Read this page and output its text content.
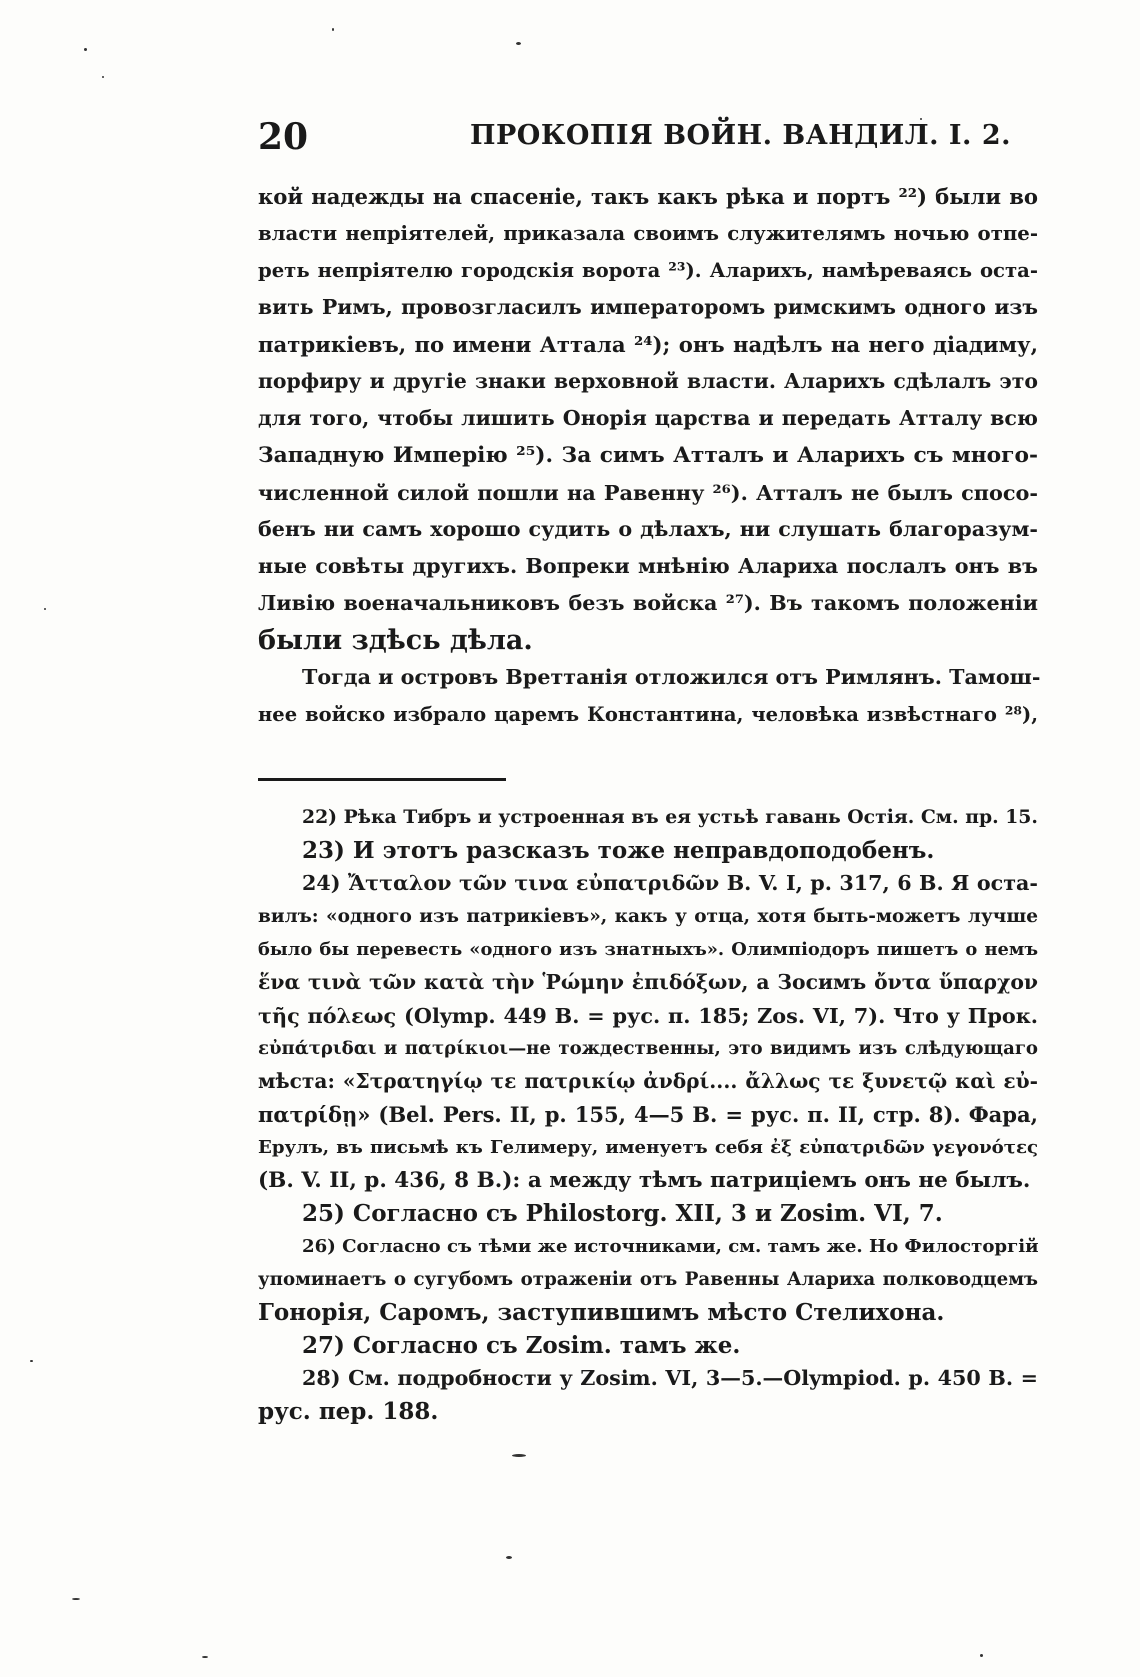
20	ПРОКОПІЯ ВОЙН. ВАНДИЛ. I. 2.
кой надежды на спасеніе, такъ какъ рѣка и портъ ²²) были во
власти непріятелей, приказала своимъ служителямъ ночью отпе-
реть непріятелю городскія ворота ²³). Аларихъ, намѣреваясь оста-
вить Римъ, провозгласилъ императоромъ римскимъ одного изъ
патрикіевъ, по имени Аттала ²⁴); онъ надѣлъ на него діадиму,
порфиру и другіе знаки верховной власти. Аларихъ сдѣлалъ это
для того, чтобы лишить Онорія царства и передать Атталу всю
Западную Имперію ²⁵). За симъ Атталъ и Аларихъ съ много-
численной силой пошли на Равенну ²⁶). Атталъ не былъ спосо-
бенъ ни самъ хорошо судить о дѣлахъ, ни слушать благоразум-
ные совѣты другихъ. Вопреки мнѣнію Алариха послалъ онъ въ
Ливію военачальниковъ безъ войска ²⁷). Въ такомъ положеніи
были здѣсь дѣла.
Тогда и островъ Вреттанія отложился отъ Римлянъ. Тамош-
нее войско избрало царемъ Константина, человѣка извѣстнаго ²⁸),
22) Рѣка Тибръ и устроенная въ ея устьѣ гавань Остія. См. пр. 15.
23) И этотъ разсказъ тоже неправдоподобенъ.
24) Ἄτταλον τῶν τινα εὐπατριδῶν B. V. I, p. 317, 6 B. Я оста-
вилъ: «одного изъ патрикіевъ», какъ у отца, хотя быть-можетъ лучше
было бы перевесть «одного изъ знатныхъ». Олимпіодоръ пишетъ о немъ
ἕνα τινὰ τῶν κατὰ τὴν Ῥώμην ἐπιδόξων, а Зосимъ ὄντα ὕπαρχον
τῆς πόλεως (Olymp. 449 B. = рус. п. 185; Zos. VI, 7). Что у Прок.
εὐπάτριδαι и πατρίκιοι—не тождественны, это видимъ изъ слѣдующаго
мѣста: «Στρατηγίῳ τε πατρικίῳ ἀνδρί.... ἄλλως τε ξυνετῷ καὶ εὐ-
πατρίδῃ» (Bel. Pers. II, p. 155, 4—5 B. = рус. п. II, стр. 8). Фара,
Ерулъ, въ письмѣ къ Гелимеру, именуетъ себя ἐξ εὐπατριδῶν γεγονότες
(B. V. II, p. 436, 8 B.): а между тѣмъ патриціемъ онъ не былъ.
25) Согласно съ Philostorg. XII, 3 и Zosim. VI, 7.
26) Согласно съ тѣми же источниками, см. тамъ же. Но Филосторгій
упоминаетъ о сугубомъ отраженіи отъ Равенны Алариха полководцемъ
Гонорія, Саромъ, заступившимъ мѣсто Стелихона.
27) Согласно съ Zosim. тамъ же.
28) См. подробности у Zosim. VI, 3—5.—Olympiod. p. 450 B. =
рус. пер. 188.
